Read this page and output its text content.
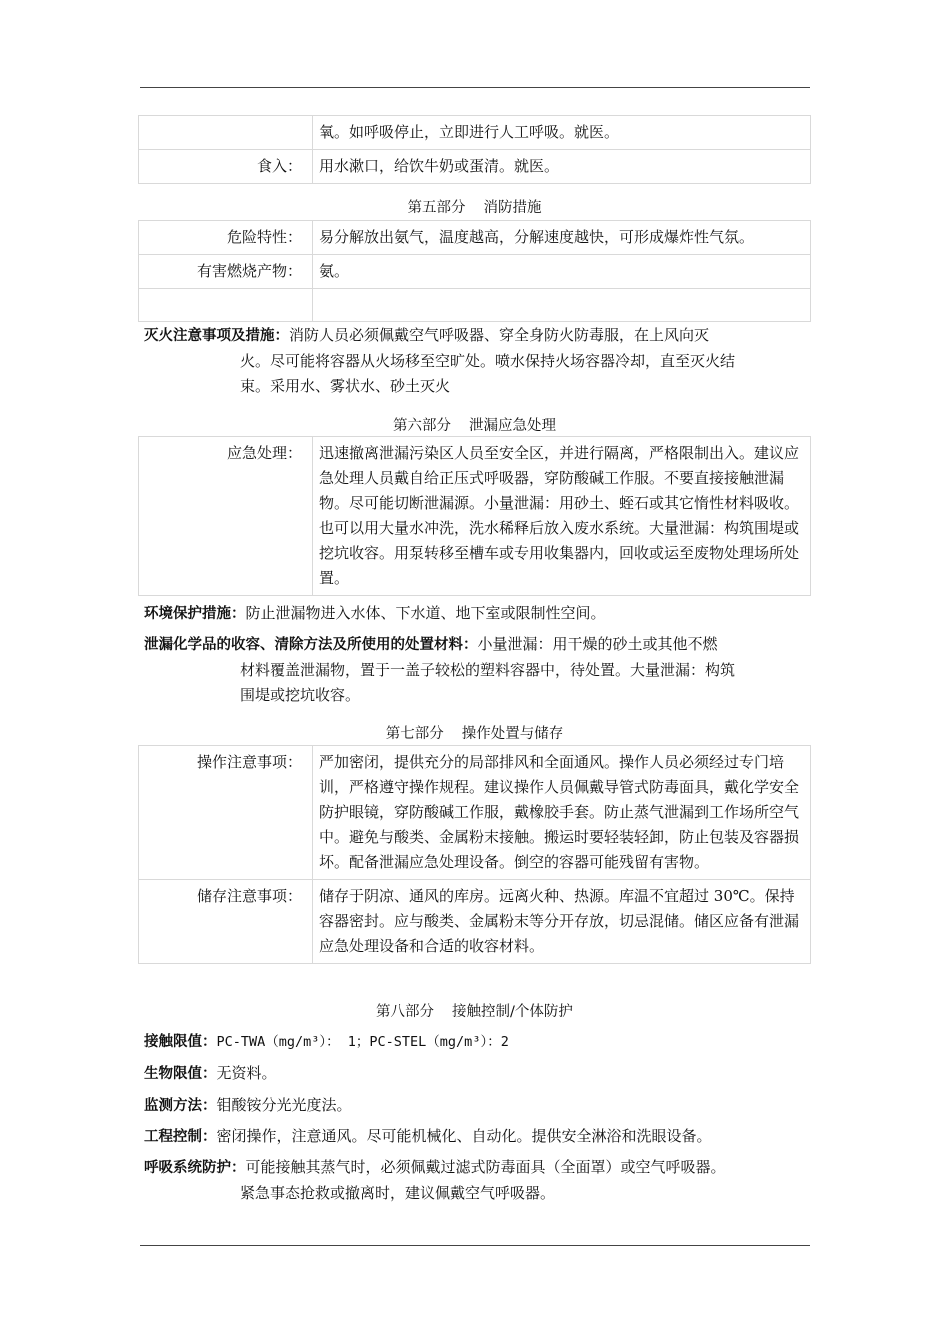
	氧。如呼吸停止，立即进行人工呼吸。就医。
食入：	用水漱口，给饮牛奶或蛋清。就医。
第五部分 消防措施
危险特性：	易分解放出氨气，温度越高，分解速度越快，可形成爆炸性气氛。
有害燃烧产物：	氨。

灭火注意事项及措施：消防人员必须佩戴空气呼吸器、穿全身防火防毒服，在上风向灭
火。尽可能将容器从火场移至空旷处。喷水保持火场容器冷却，直至灭火结
束。采用水、雾状水、砂土灭火
第六部分 泄漏应急处理
应急处理：	迅速撤离泄漏污染区人员至安全区，并进行隔离，严格限制出入。建议应急处理人员戴自给正压式呼吸器，穿防酸碱工作服。不要直接接触泄漏物。尽可能切断泄漏源。小量泄漏：用砂土、蛭石或其它惰性材料吸收。也可以用大量水冲洗，洗水稀释后放入废水系统。大量泄漏：构筑围堤或挖坑收容。用泵转移至槽车或专用收集器内，回收或运至废物处理场所处置。
环境保护措施：防止泄漏物进入水体、下水道、地下室或限制性空间。
泄漏化学品的收容、清除方法及所使用的处置材料：小量泄漏：用干燥的砂土或其他不燃
材料覆盖泄漏物，置于一盖子较松的塑料容器中，待处置。大量泄漏：构筑
围堤或挖坑收容。
第七部分 操作处置与储存
操作注意事项：	严加密闭，提供充分的局部排风和全面通风。操作人员必须经过专门培训，严格遵守操作规程。建议操作人员佩戴导管式防毒面具，戴化学安全防护眼镜，穿防酸碱工作服，戴橡胶手套。防止蒸气泄漏到工作场所空气中。避免与酸类、金属粉末接触。搬运时要轻装轻卸，防止包装及容器损坏。配备泄漏应急处理设备。倒空的容器可能残留有害物。
储存注意事项：	储存于阴凉、通风的库房。远离火种、热源。库温不宜超过 30℃。保持容器密封。应与酸类、金属粉末等分开存放，切忌混储。储区应备有泄漏应急处理设备和合适的收容材料。
第八部分 接触控制/个体防护
接触限值：PC-TWA（mg/m³）： 1；PC-STEL（mg/m³）：2
生物限值：无资料。
监测方法：钼酸铵分光光度法。
工程控制：密闭操作，注意通风。尽可能机械化、自动化。提供安全淋浴和洗眼设备。
呼吸系统防护：可能接触其蒸气时，必须佩戴过滤式防毒面具（全面罩）或空气呼吸器。
紧急事态抢救或撤离时，建议佩戴空气呼吸器。
